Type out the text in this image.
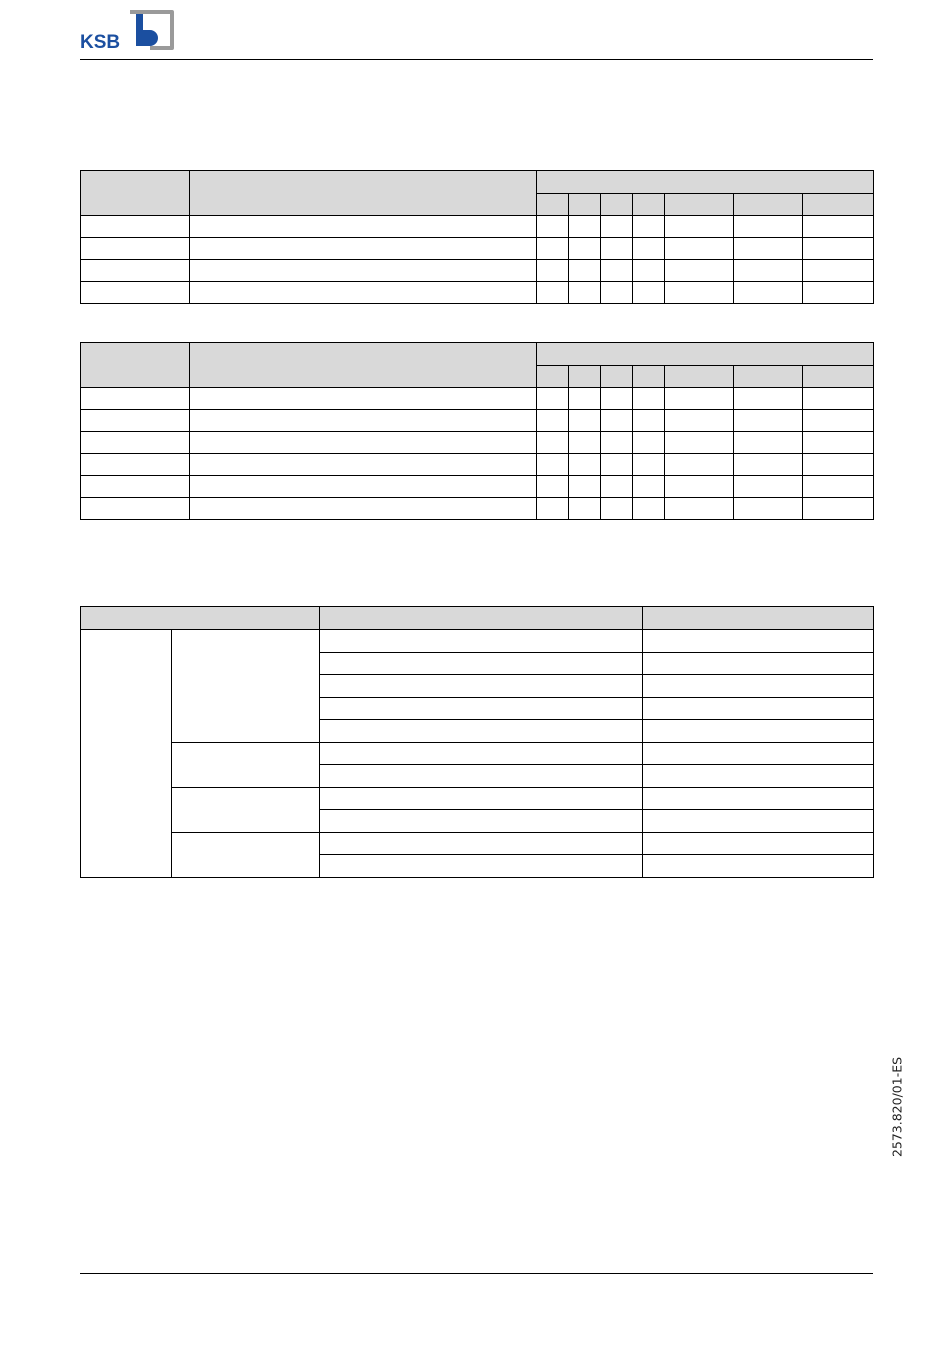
KSB

2573.820/01-ES
